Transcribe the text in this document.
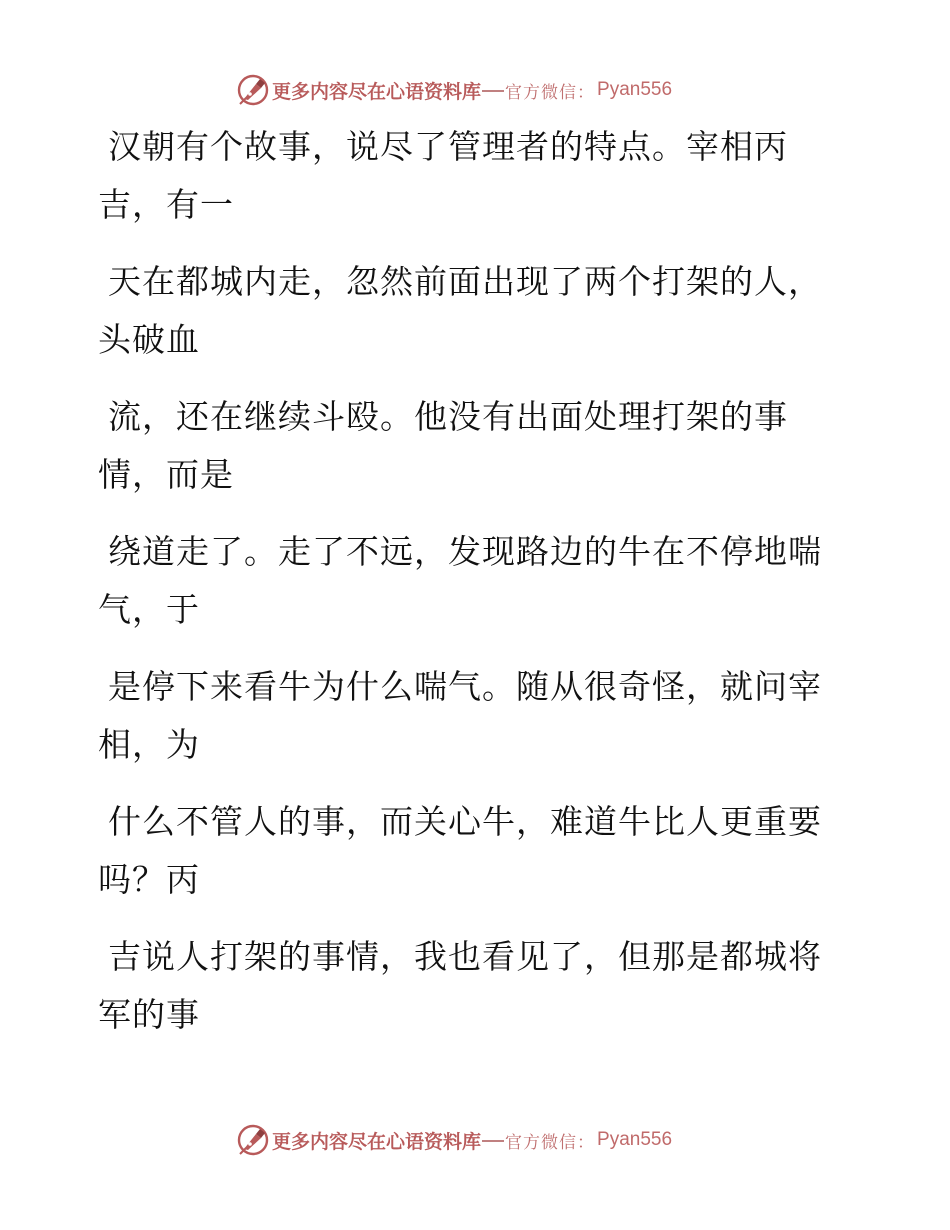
更多内容尽在心语资料库 官方微信： Pyan556

汉朝有个故事，说尽了管理者的特点。宰相丙
吉，有一

天在都城内走，忽然前面出现了两个打架的人，
头破血

流，还在继续斗殴。他没有出面处理打架的事
情，而是

绕道走了。走了不远，发现路边的牛在不停地喘
气，于

是停下来看牛为什么喘气。随从很奇怪，就问宰
相，为

什么不管人的事，而关心牛，难道牛比人更重要
吗？丙

吉说人打架的事情，我也看见了，但那是都城将
军的事

更多内容尽在心语资料库 官方微信： Pyan556
